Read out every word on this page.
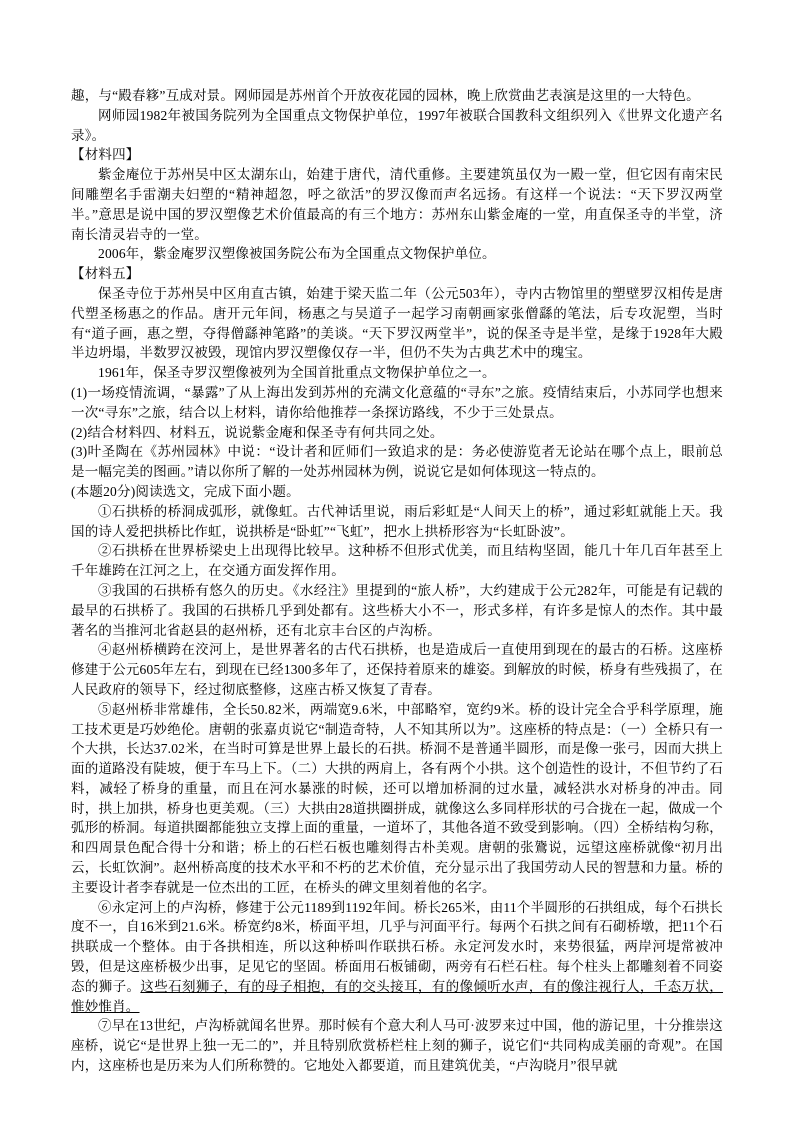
趣，与“殿春簃”互成对景。网师园是苏州首个开放夜花园的园林，晚上欣赏曲艺表演是这里的一大特色。

网师园1982年被国务院列为全国重点文物保护单位，1997年被联合国教科文组织列入《世界文化遗产名录》。

【材料四】

紫金庵位于苏州吴中区太湖东山，始建于唐代，清代重修。主要建筑虽仅为一殿一堂，但它因有南宋民间雕塑名手雷潮夫妇塑的“精神超忽，呼之欲活”的罗汉像而声名远扬。有这样一个说法：“天下罗汉两堂半。”意思是说中国的罗汉塑像艺术价值最高的有三个地方：苏州东山紫金庵的一堂，甪直保圣寺的半堂，济南长清灵岩寺的一堂。

2006年，紫金庵罗汉塑像被国务院公布为全国重点文物保护单位。

【材料五】

保圣寺位于苏州吴中区甪直古镇，始建于梁天监二年（公元503年），寺内古物馆里的塑壁罗汉相传是唐代塑圣杨惠之的作品。唐开元年间，杨惠之与吴道子一起学习南朝画家张僧繇的笔法，后专攻泥塑，当时有“道子画，惠之塑，夺得僧繇神笔路”的美谈。“天下罗汉两堂半”，说的保圣寺是半堂，是缘于1928年大殿半边坍塌，半数罗汉被毁，现馆内罗汉塑像仅存一半，但仍不失为古典艺术中的瑰宝。

1961年，保圣寺罗汉塑像被列为全国首批重点文物保护单位之一。

(1)一场疫情流调，“暴露”了从上海出发到苏州的充满文化意蕴的“寻东”之旅。疫情结束后，小苏同学也想来一次“寻东”之旅，结合以上材料，请你给他推荐一条探访路线，不少于三处景点。

(2)结合材料四、材料五，说说紫金庵和保圣寺有何共同之处。

(3)叶圣陶在《苏州园林》中说：“设计者和匠师们一致追求的是：务必使游览者无论站在哪个点上，眼前总是一幅完美的图画。”请以你所了解的一处苏州园林为例，说说它是如何体现这一特点的。

(本题20分)阅读选文，完成下面小题。

①石拱桥的桥洞成弧形，就像虹。古代神话里说，雨后彩虹是“人间天上的桥”，通过彩虹就能上天。我国的诗人爱把拱桥比作虹，说拱桥是“卧虹”“飞虹”，把水上拱桥形容为“长虹卧波”。

②石拱桥在世界桥梁史上出现得比较早。这种桥不但形式优美，而且结构坚固，能几十年几百年甚至上千年雄跨在江河之上，在交通方面发挥作用。

③我国的石拱桥有悠久的历史。《水经注》里提到的“旅人桥”，大约建成于公元282年，可能是有记载的最早的石拱桥了。我国的石拱桥几乎到处都有。这些桥大小不一，形式多样，有许多是惊人的杰作。其中最著名的当推河北省赵县的赵州桥，还有北京丰台区的卢沟桥。

④赵州桥横跨在洨河上，是世界著名的古代石拱桥，也是造成后一直使用到现在的最古的石桥。这座桥修建于公元605年左右，到现在已经1300多年了，还保持着原来的雄姿。到解放的时候，桥身有些残损了，在人民政府的领导下，经过彻底整修，这座古桥又恢复了青春。

⑤赵州桥非常雄伟，全长50.82米，两端宽9.6米，中部略窄，宽约9米。桥的设计完全合乎科学原理，施工技术更是巧妙绝伦。唐朝的张嘉贞说它“制造奇特，人不知其所以为”。这座桥的特点是：（一）全桥只有一个大拱，长达37.02米，在当时可算是世界上最长的石拱。桥洞不是普通半圆形，而是像一张弓，因而大拱上面的道路没有陡坡，便于车马上下。（二）大拱的两肩上，各有两个小拱。这个创造性的设计，不但节约了石料，减轻了桥身的重量，而且在河水暴涨的时候，还可以增加桥洞的过水量，减轻洪水对桥身的冲击。同时，拱上加拱，桥身也更美观。（三）大拱由28道拱圈拼成，就像这么多同样形状的弓合拢在一起，做成一个弧形的桥洞。每道拱圈都能独立支撑上面的重量，一道坏了，其他各道不致受到影响。（四）全桥结构匀称，和四周景色配合得十分和谐；桥上的石栏石板也雕刻得古朴美观。唐朝的张鷟说，远望这座桥就像“初月出云，长虹饮涧”。赵州桥高度的技术水平和不朽的艺术价值，充分显示出了我国劳动人民的智慧和力量。桥的主要设计者李春就是一位杰出的工匠，在桥头的碑文里刻着他的名字。

⑥永定河上的卢沟桥，修建于公元1189到1192年间。桥长265米，由11个半圆形的石拱组成，每个石拱长度不一，自16米到21.6米。桥宽约8米，桥面平坦，几乎与河面平行。每两个石拱之间有石砌桥墩，把11个石拱联成一个整体。由于各拱相连，所以这种桥叫作联拱石桥。永定河发水时，来势很猛，两岸河堤常被冲毁，但是这座桥极少出事，足见它的坚固。桥面用石板铺砌，两旁有石栏石柱。每个柱头上都雕刻着不同姿态的狮子。这些石刻狮子，有的母子相抱，有的交头接耳，有的像倾听水声，有的像注视行人，千态万状，惟妙惟肖。

⑦早在13世纪，卢沟桥就闻名世界。那时候有个意大利人马可·波罗来过中国，他的游记里，十分推崇这座桥，说它“是世界上独一无二的”，并且特别欣赏桥栏柱上刻的狮子，说它们“共同构成美丽的奇观”。在国内，这座桥也是历来为人们所称赞的。它地处入都要道，而且建筑优美，“卢沟晓月”很早就
